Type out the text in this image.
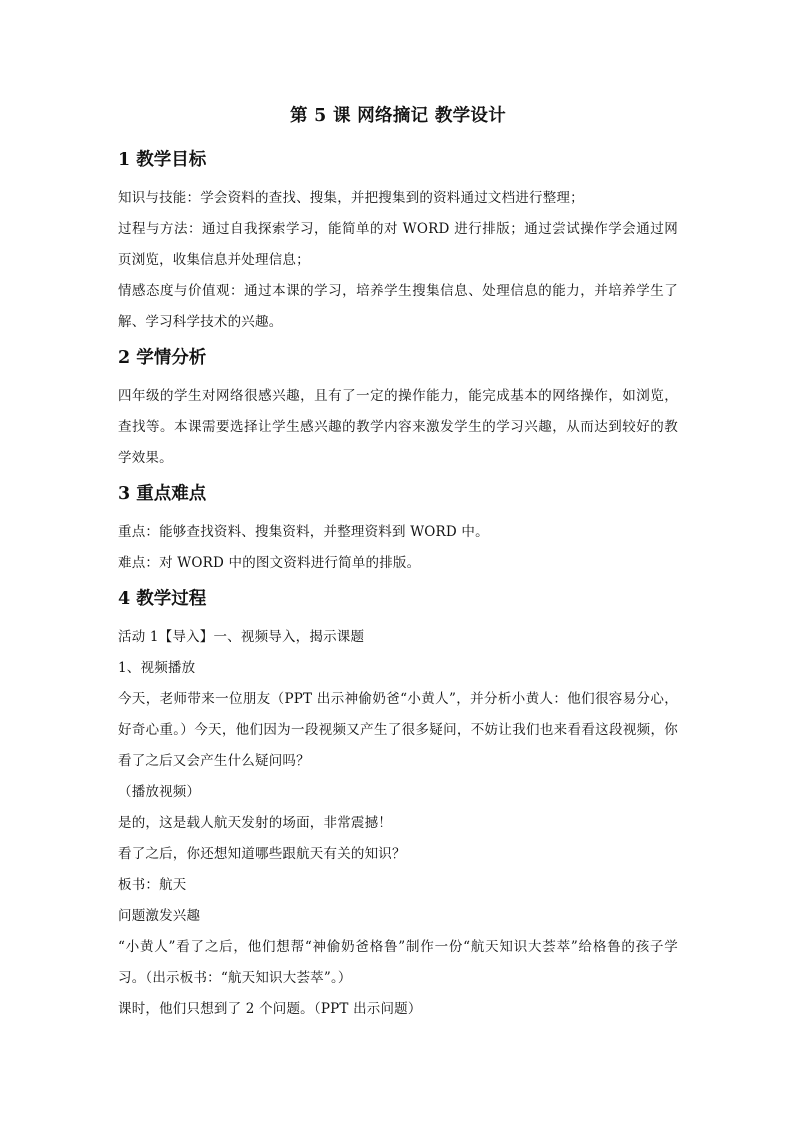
第 5 课 网络摘记 教学设计
1 教学目标

知识与技能：学会资料的查找、搜集，并把搜集到的资料通过文档进行整理；

过程与方法：通过自我探索学习，能简单的对 WORD 进行排版；通过尝试操作学会通过网页浏览，收集信息并处理信息；

情感态度与价值观：通过本课的学习，培养学生搜集信息、处理信息的能力，并培养学生了解、学习科学技术的兴趣。

2 学情分析

四年级的学生对网络很感兴趣，且有了一定的操作能力，能完成基本的网络操作，如浏览，查找等。本课需要选择让学生感兴趣的教学内容来激发学生的学习兴趣，从而达到较好的教学效果。

3 重点难点

重点：能够查找资料、搜集资料，并整理资料到 WORD 中。

难点：对 WORD 中的图文资料进行简单的排版。

4 教学过程

活动 1【导入】一、视频导入，揭示课题

1、视频播放

今天，老师带来一位朋友（PPT 出示神偷奶爸“小黄人”，并分析小黄人：他们很容易分心，好奇心重。）今天，他们因为一段视频又产生了很多疑问，不妨让我们也来看看这段视频，你看了之后又会产生什么疑问吗？

（播放视频）

是的，这是载人航天发射的场面，非常震撼！

看了之后，你还想知道哪些跟航天有关的知识？

板书：航天

问题激发兴趣

“小黄人”看了之后，他们想帮“神偷奶爸格鲁”制作一份“航天知识大荟萃”给格鲁的孩子学习。（出示板书：“航天知识大荟萃”。）

课时，他们只想到了 2 个问题。（PPT 出示问题）
